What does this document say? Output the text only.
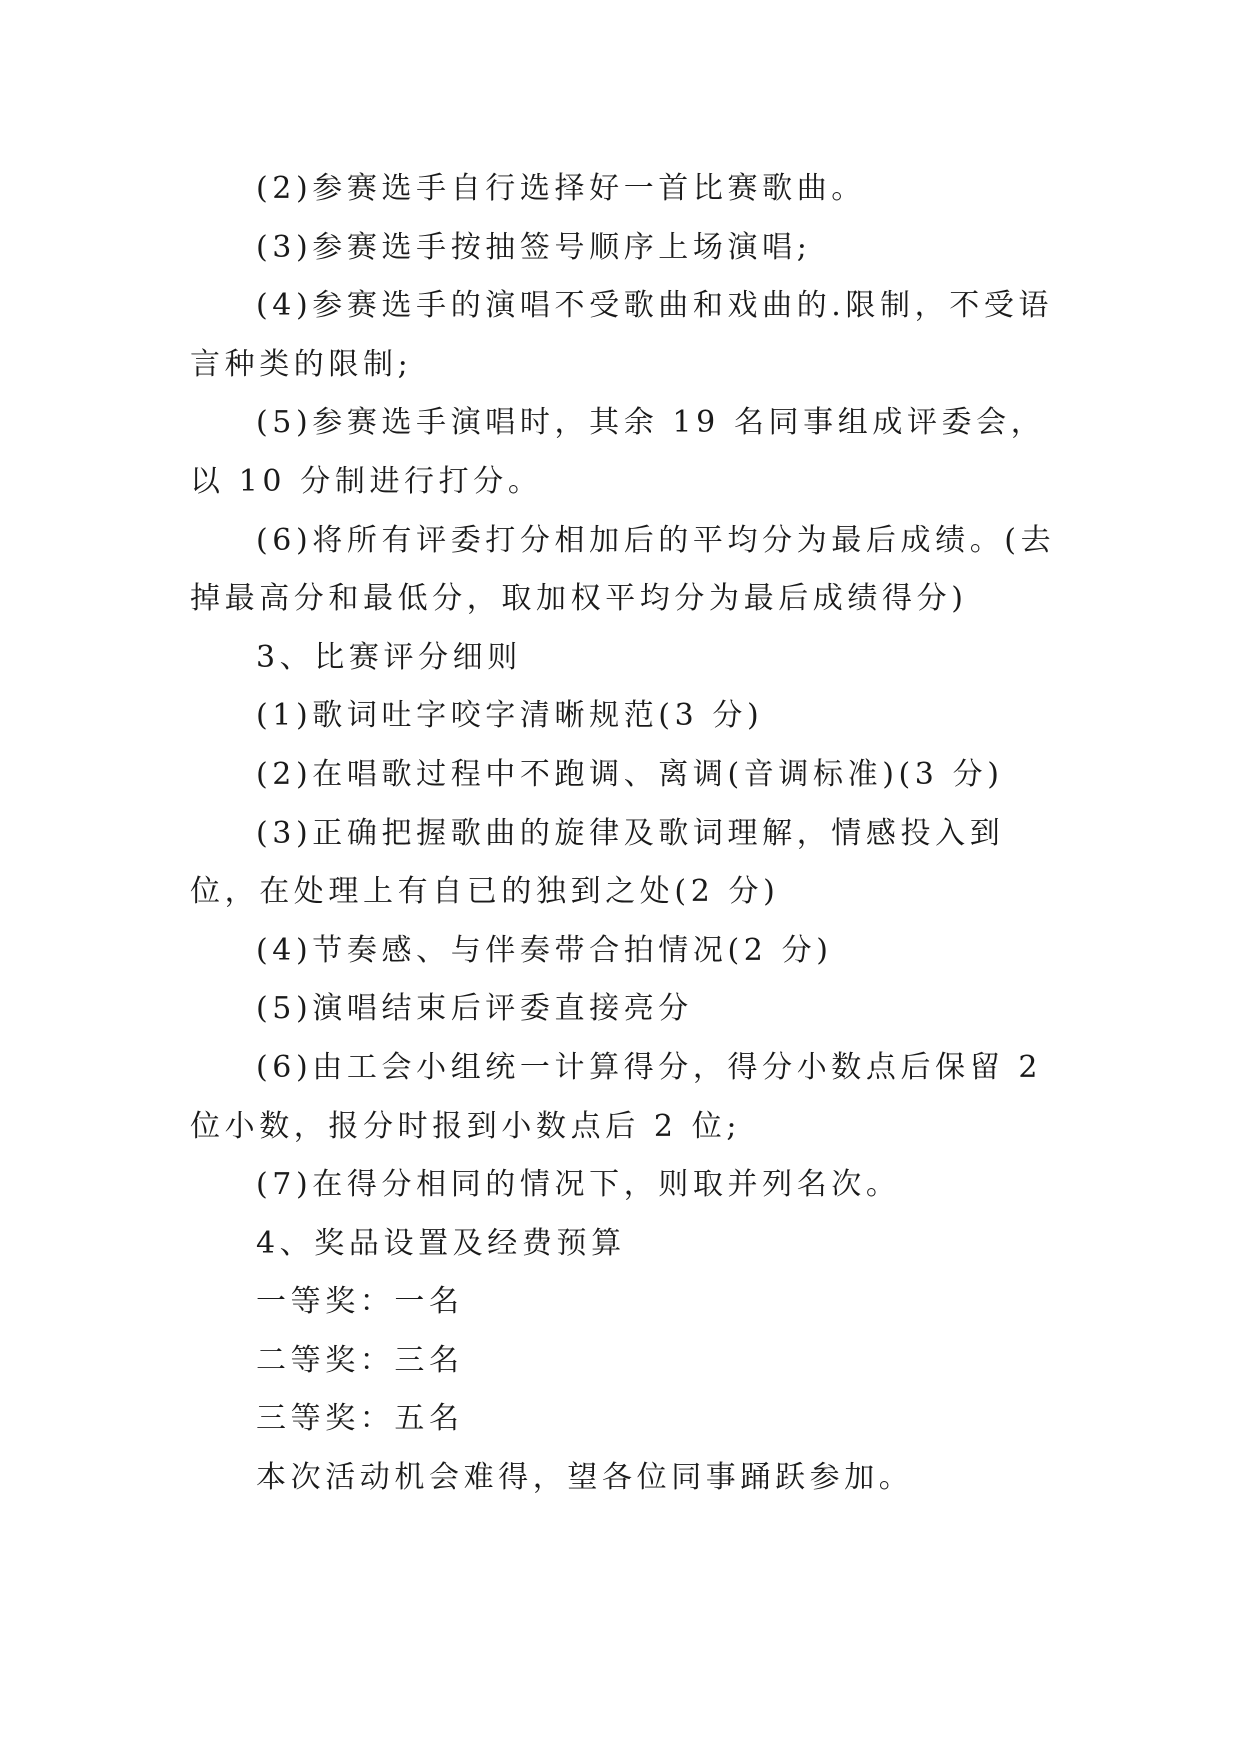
(2)参赛选手自行选择好一首比赛歌曲。

(3)参赛选手按抽签号顺序上场演唱;

(4)参赛选手的演唱不受歌曲和戏曲的.限制，不受语言种类的限制;

(5)参赛选手演唱时，其余 19 名同事组成评委会，以 10 分制进行打分。

(6)将所有评委打分相加后的平均分为最后成绩。(去掉最高分和最低分，取加权平均分为最后成绩得分)

3、比赛评分细则

(1)歌词吐字咬字清晰规范(3 分)

(2)在唱歌过程中不跑调、离调(音调标准)(3 分)

(3)正确把握歌曲的旋律及歌词理解，情感投入到位，在处理上有自已的独到之处(2 分)

(4)节奏感、与伴奏带合拍情况(2 分)

(5)演唱结束后评委直接亮分

(6)由工会小组统一计算得分，得分小数点后保留 2 位小数，报分时报到小数点后 2 位;

(7)在得分相同的情况下，则取并列名次。

4、奖品设置及经费预算

一等奖：一名

二等奖：三名

三等奖：五名

本次活动机会难得，望各位同事踊跃参加。
